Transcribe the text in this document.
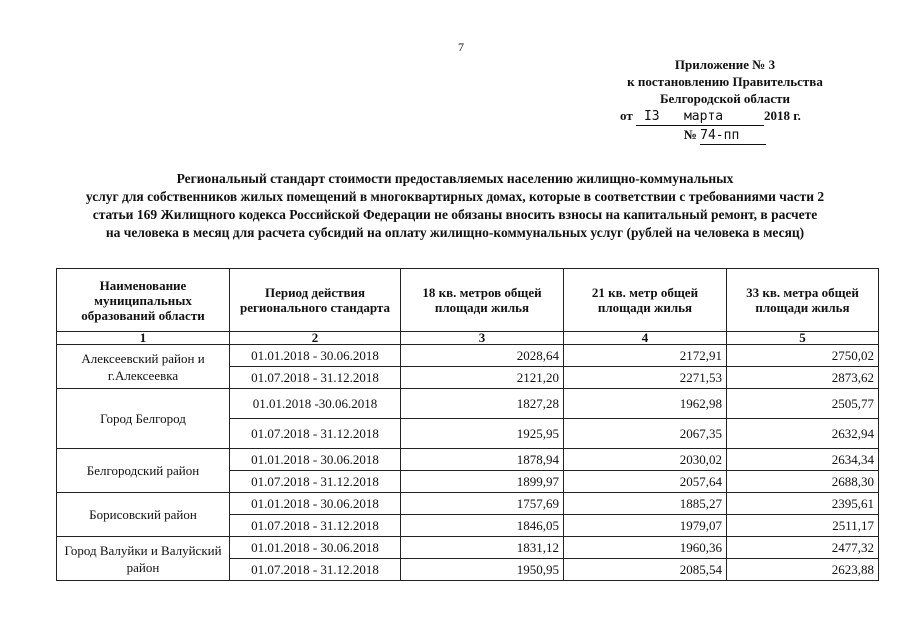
7
Приложение № 3
к постановлению Правительства
Белгородской области
от I3 марта	2018 г.
№ 74-пп
Региональный стандарт стоимости предоставляемых населению жилищно-коммунальных
услуг для собственников жилых помещений в многоквартирных домах, которые в соответствии с требованиями части 2
статьи 169 Жилищного кодекса Российской Федерации не обязаны вносить взносы на капитальный ремонт, в расчете
на человека в месяц для расчета субсидий на оплату жилищно-коммунальных услуг (рублей на человека в месяц)
Наименование муниципальных образований области	Период действия регионального стандарта	18 кв. метров общей площади жилья	21 кв. метр общей площади жилья	33 кв. метра общей площади жилья
1	2	3	4	5
Алексеевский район и г.Алексеевка	01.01.2018 - 30.06.2018	2028,64	2172,91	2750,02
	01.07.2018 - 31.12.2018	2121,20	2271,53	2873,62
Город Белгород	01.01.2018 -30.06.2018	1827,28	1962,98	2505,77
	01.07.2018 - 31.12.2018	1925,95	2067,35	2632,94
Белгородский район	01.01.2018 - 30.06.2018	1878,94	2030,02	2634,34
	01.07.2018 - 31.12.2018	1899,97	2057,64	2688,30
Борисовский район	01.01.2018 - 30.06.2018	1757,69	1885,27	2395,61
	01.07.2018 - 31.12.2018	1846,05	1979,07	2511,17
Город Валуйки и Валуйский район	01.01.2018 - 30.06.2018	1831,12	1960,36	2477,32
	01.07.2018 - 31.12.2018	1950,95	2085,54	2623,88
